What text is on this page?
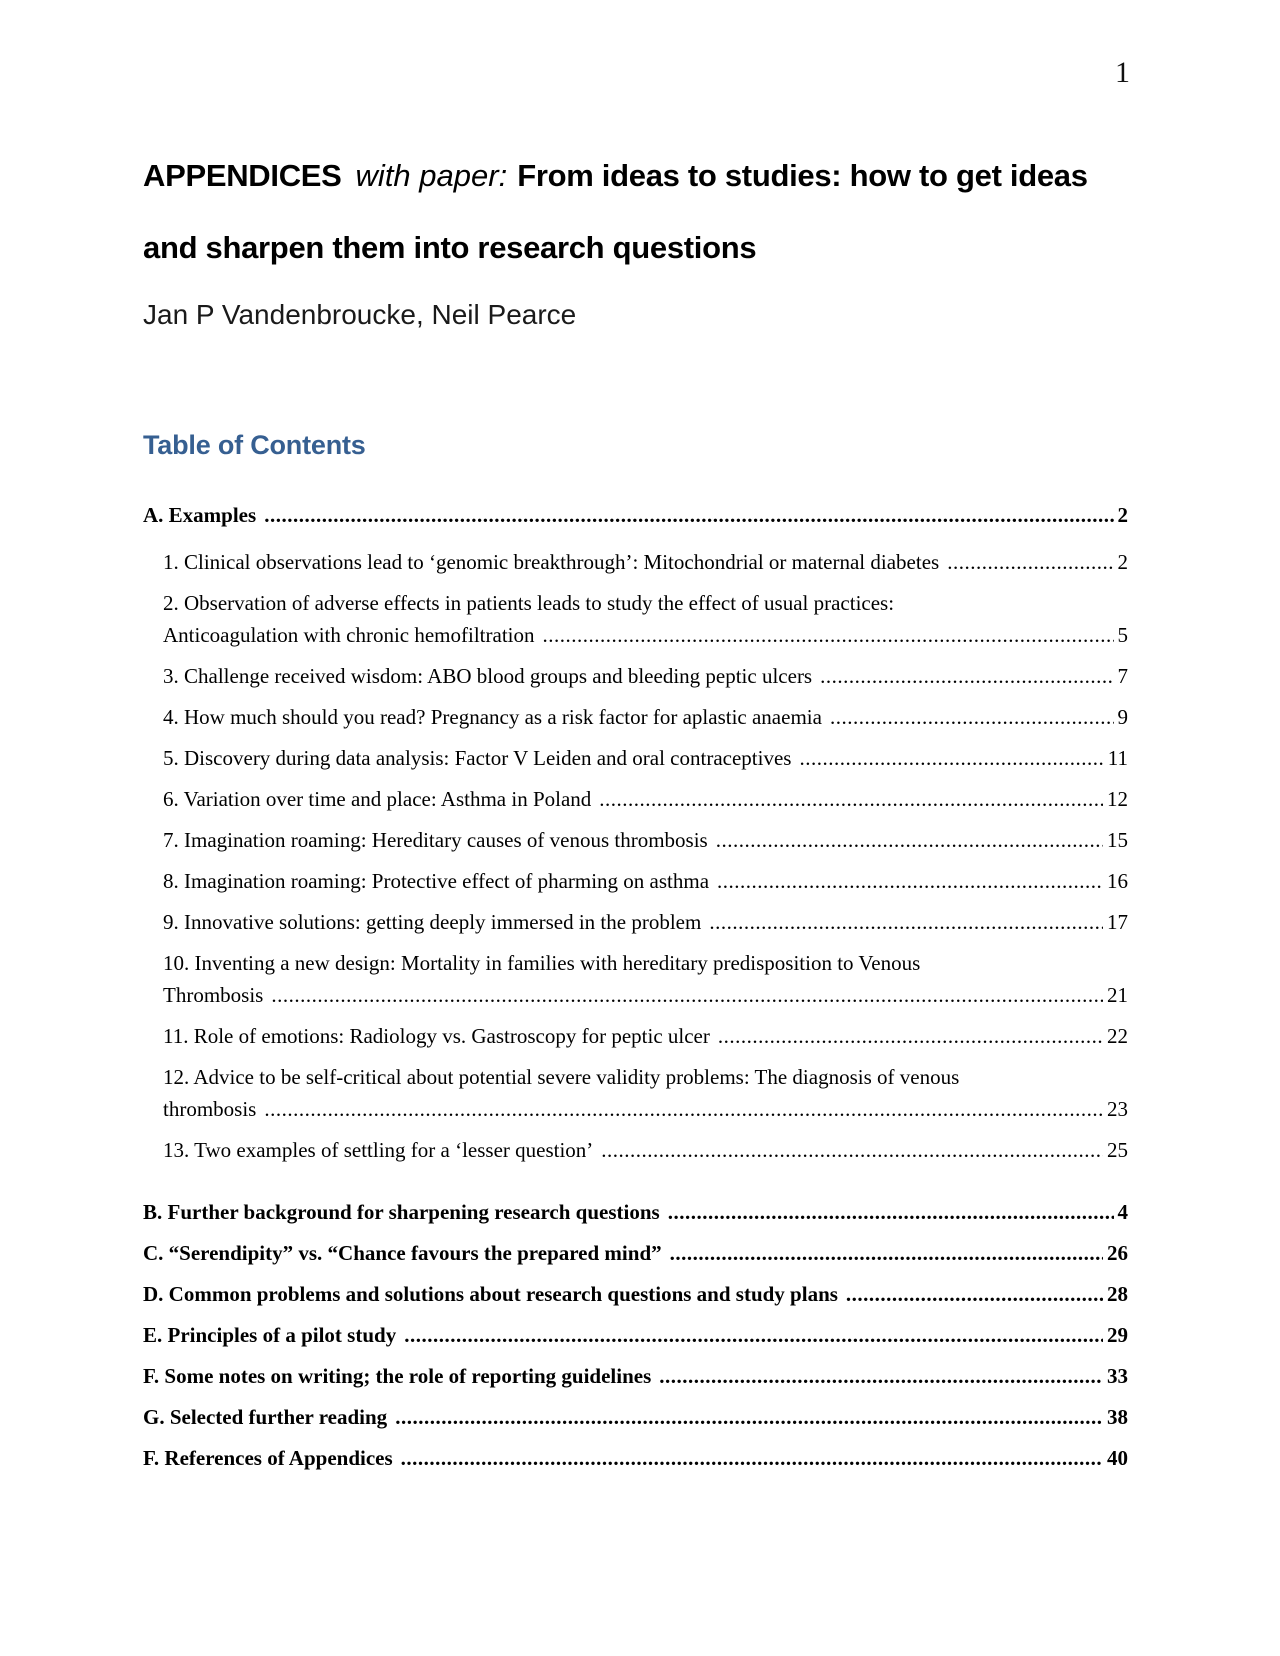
1
APPENDICES with paper: From ideas to studies: how to get ideas and sharpen them into research questions
Jan P Vandenbroucke, Neil Pearce
Table of Contents
A. Examples .....	2
1. Clinical observations lead to ‘genomic breakthrough’: Mitochondrial or maternal diabetes .....	2
2. Observation of adverse effects in patients leads to study the effect of usual practices:
Anticoagulation with chronic hemofiltration .....	5
3. Challenge received wisdom: ABO blood groups and bleeding peptic ulcers .....	7
4. How much should you read? Pregnancy as a risk factor for aplastic anaemia .....	9
5. Discovery during data analysis: Factor V Leiden and oral contraceptives .....	11
6. Variation over time and place: Asthma in Poland .....	12
7. Imagination roaming: Hereditary causes of venous thrombosis .....	15
8. Imagination roaming: Protective effect of pharming on asthma .....	16
9. Innovative solutions: getting deeply immersed in the problem .....	17
10. Inventing a new design: Mortality in families with hereditary predisposition to Venous
Thrombosis .....	21
11. Role of emotions: Radiology vs. Gastroscopy for peptic ulcer .....	22
12. Advice to be self-critical about potential severe validity problems: The diagnosis of venous
thrombosis .....	23
13. Two examples of settling for a ‘lesser question’ .....	25
B. Further background for sharpening research questions .....	4
C. “Serendipity” vs. “Chance favours the prepared mind” .....	26
D. Common problems and solutions about research questions and study plans .....	28
E. Principles of a pilot study .....	29
F. Some notes on writing; the role of reporting guidelines .....	33
G. Selected further reading .....	38
F. References of Appendices .....	40
